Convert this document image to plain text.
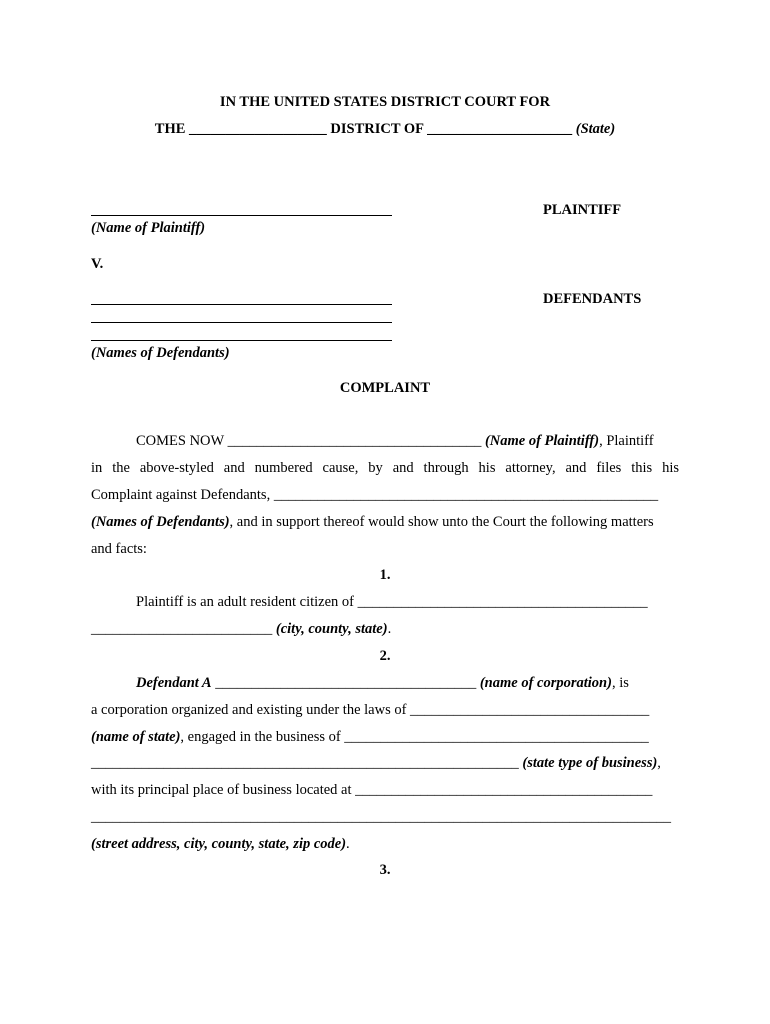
IN THE UNITED STATES DISTRICT COURT FOR
THE ___________________ DISTRICT OF ____________________ (State)
(Name of Plaintiff)
PLAINTIFF
V.
DEFENDANTS
(Names of Defendants)
COMPLAINT
COMES NOW ___________________________________ (Name of Plaintiff), Plaintiff
in the above-styled and numbered cause, by and through his attorney, and files this his
Complaint against Defendants, _____________________________________________________
(Names of Defendants), and in support thereof would show unto the Court the following matters
and facts:
1.
Plaintiff is an adult resident citizen of ________________________________________
_________________________ (city, county, state).
2.
Defendant A ____________________________________ (name of corporation), is
a corporation organized and existing under the laws of _________________________________
(name of state), engaged in the business of __________________________________________
___________________________________________________________ (state type of business),
with its principal place of business located at _________________________________________
________________________________________________________________________________
(street address, city, county, state, zip code).
3.
